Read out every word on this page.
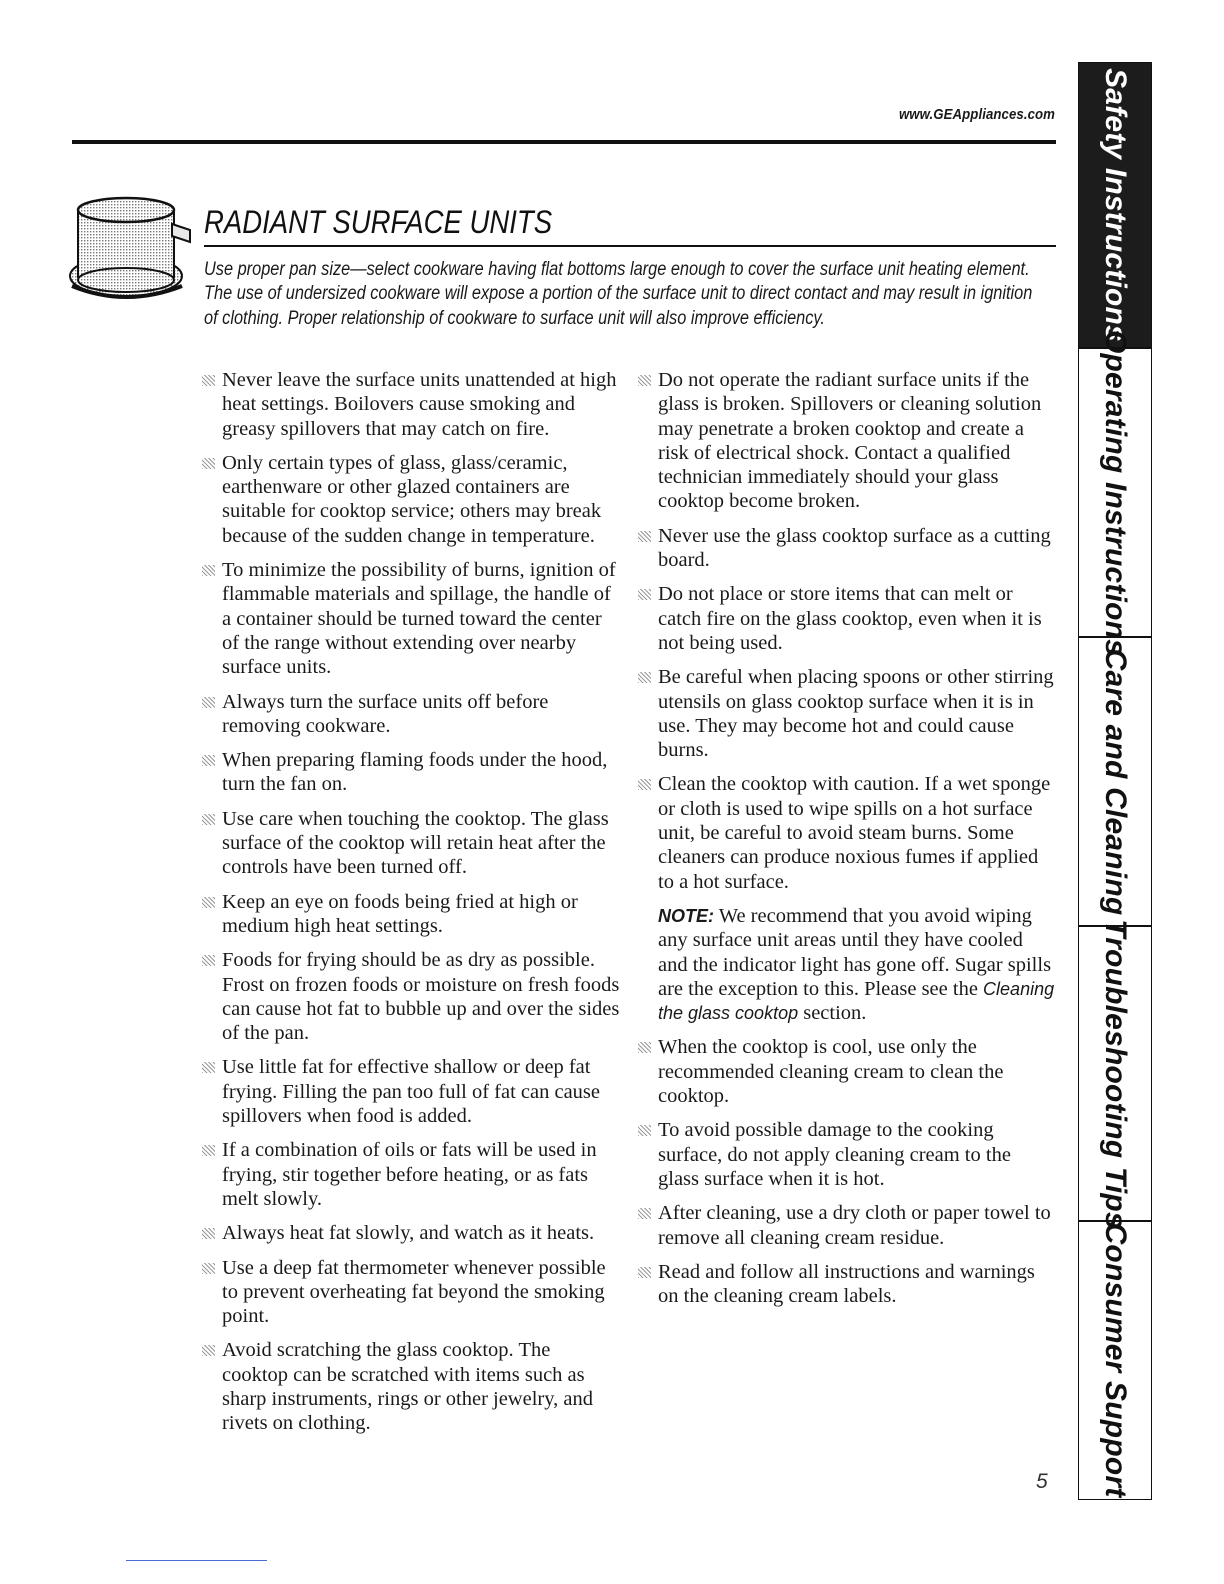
www.GEAppliances.com
RADIANT SURFACE UNITS
Use proper pan size—select cookware having flat bottoms large enough to cover the surface unit heating element. The use of undersized cookware will expose a portion of the surface unit to direct contact and may result in ignition of clothing. Proper relationship of cookware to surface unit will also improve efficiency.
Never leave the surface units unattended at high heat settings. Boilovers cause smoking and greasy spillovers that may catch on fire.
Only certain types of glass, glass/ceramic, earthenware or other glazed containers are suitable for cooktop service; others may break because of the sudden change in temperature.
To minimize the possibility of burns, ignition of flammable materials and spillage, the handle of a container should be turned toward the center of the range without extending over nearby surface units.
Always turn the surface units off before removing cookware.
When preparing flaming foods under the hood, turn the fan on.
Use care when touching the cooktop. The glass surface of the cooktop will retain heat after the controls have been turned off.
Keep an eye on foods being fried at high or medium high heat settings.
Foods for frying should be as dry as possible. Frost on frozen foods or moisture on fresh foods can cause hot fat to bubble up and over the sides of the pan.
Use little fat for effective shallow or deep fat frying. Filling the pan too full of fat can cause spillovers when food is added.
If a combination of oils or fats will be used in frying, stir together before heating, or as fats melt slowly.
Always heat fat slowly, and watch as it heats.
Use a deep fat thermometer whenever possible to prevent overheating fat beyond the smoking point.
Avoid scratching the glass cooktop. The cooktop can be scratched with items such as sharp instruments, rings or other jewelry, and rivets on clothing.
Do not operate the radiant surface units if the glass is broken. Spillovers or cleaning solution may penetrate a broken cooktop and create a risk of electrical shock. Contact a qualified technician immediately should your glass cooktop become broken.
Never use the glass cooktop surface as a cutting board.
Do not place or store items that can melt or catch fire on the glass cooktop, even when it is not being used.
Be careful when placing spoons or other stirring utensils on glass cooktop surface when it is in use. They may become hot and could cause burns.
Clean the cooktop with caution. If a wet sponge or cloth is used to wipe spills on a hot surface unit, be careful to avoid steam burns. Some cleaners can produce noxious fumes if applied to a hot surface.
NOTE: We recommend that you avoid wiping any surface unit areas until they have cooled and the indicator light has gone off. Sugar spills are the exception to this. Please see the Cleaning the glass cooktop section.
When the cooktop is cool, use only the recommended cleaning cream to clean the cooktop.
To avoid possible damage to the cooking surface, do not apply cleaning cream to the glass surface when it is hot.
After cleaning, use a dry cloth or paper towel to remove all cleaning cream residue.
Read and follow all instructions and warnings on the cleaning cream labels.
5
Safety Instructions
Operating Instructions
Care and Cleaning
Troubleshooting Tips
Consumer Support
